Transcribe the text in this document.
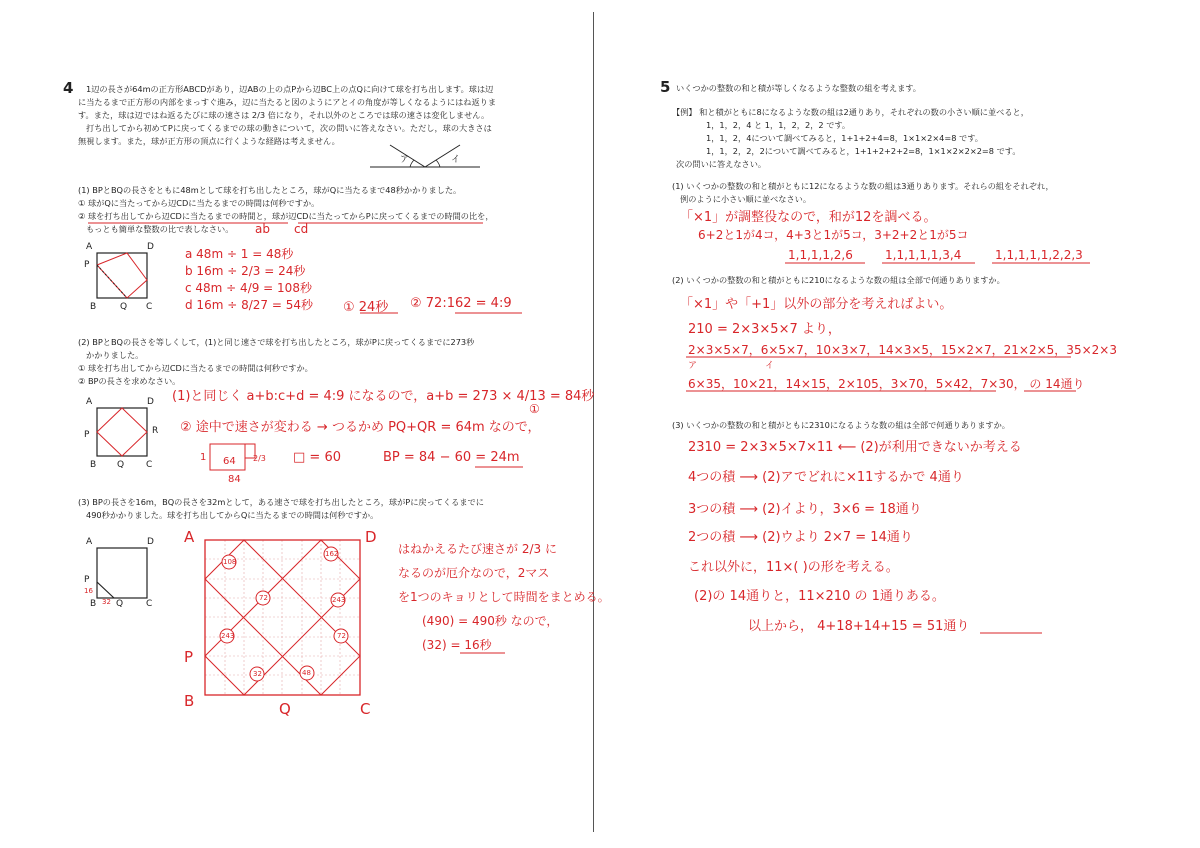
4 1辺の長さが64mの正方形ABCDがあり，辺ABの上の点Pから辺BC上の点Qに向けて球を打ち出します。球は辺
に当たるまで正方形の内部をまっすぐ進み，辺に当たると図のようにアとイの角度が等しくなるようにはね返りま
す。また，球は辺ではね返るたびに球の速さは 2/3 倍になり，それ以外のところでは球の速さは変化しません。
打ち出してから初めてPに戻ってくるまでの球の動きについて，次の問いに答えなさい。ただし，球の大きさは
無視します。また，球が正方形の頂点に行くような経路は考えません。
ア	イ
(1) BPとBQの長さをともに48mとして球を打ち出したところ，球がQに当たるまで48秒かかりました。
① 球がQに当たってから辺CDに当たるまでの時間は何秒ですか。
② 球を打ち出してから辺CDに当たるまでの時間と，球が辺CDに当たってからPに戻ってくるまでの時間の比を，
もっとも簡単な整数の比で表しなさい。 ab cd
A	D
P
B	Q C
a 48m ÷ 1 = 48秒
b 16m ÷ 2/3 = 24秒
c 48m ÷ 4/9 = 108秒
d 16m ÷ 8/27 = 54秒 ① 24秒 ② 72:162 = 4:9
(2) BPとBQの長さを等しくして，(1)と同じ速さで球を打ち出したところ，球がPに戻ってくるまでに273秒
かかりました。
① 球を打ち出してから辺CDに当たるまでの時間は何秒ですか。
② BPの長さを求めなさい。
A	D
P	R
B Q C
(1)と同じく a+b:c+d = 4:9 になるので，a+b = 273 × 4/13 = 84秒
①
② 途中で速さが変わる → つるかめ PQ+QR = 64m なので，
1 64 2/3
84
□ = 60	BP = 84 − 60 = 24m
(3) BPの長さを16m，BQの長さを32mとして，ある速さで球を打ち出したところ，球がPに戻ってくるまでに
490秒かかりました。球を打ち出してからQに当たるまでの時間は何秒ですか。
A	D
P
16
B 32 Q	C
108
162
72	243
243	72
32	48
A	D
P
B	Q	C
はねかえるたび速さが 2/3 に
なるのが厄介なので，2マス
を1つのキョリとして時間をまとめる。
(490) = 490秒 なので，
(32) = 16秒
5 いくつかの整数の和と積が等しくなるような整数の組を考えます。
【例】 和と積がともに8になるような数の組は2通りあり，それぞれの数の小さい順に並べると，
1，1，2，4 と 1，1，2，2，2 です。
1，1，2，4について調べてみると，1+1+2+4=8，1×1×2×4=8 です。
1，1，2，2，2について調べてみると，1+1+2+2+2=8，1×1×2×2×2=8 です。
次の問いに答えなさい。
(1) いくつかの整数の和と積がともに12になるような数の組は3通りあります。それらの組をそれぞれ，
例のように小さい順に並べなさい。
「×1」が調整役なので，和が12を調べる。
6+2と1が4コ，4+3と1が5コ，3+2+2と1が5コ
1,1,1,1,2,6	1,1,1,1,1,3,4	1,1,1,1,1,2,2,3
(2) いくつかの整数の和と積がともに210になるような数の組は全部で何通りありますか。
「×1」や「+1」以外の部分を考えればよい。
210 = 2×3×5×7 より，
2×3×5×7，6×5×7，10×3×7，14×3×5，15×2×7，21×2×5，35×2×3
ア	イ
6×35，10×21，14×15，2×105，3×70，5×42，7×30， の 14通り
(3) いくつかの整数の和と積がともに2310になるような数の組は全部で何通りありますか。
2310 = 2×3×5×7×11 ⟵ (2)が利用できないか考える
4つの積 ⟶ (2)アでどれに×11するかで 4通り
3つの積 ⟶ (2)イより，3×6 = 18通り
2つの積 ⟶ (2)ウより 2×7 = 14通り
これ以外に，11×( )の形を考える。
(2)の 14通りと，11×210 の 1通りある。
以上から， 4+18+14+15 = 51通り
